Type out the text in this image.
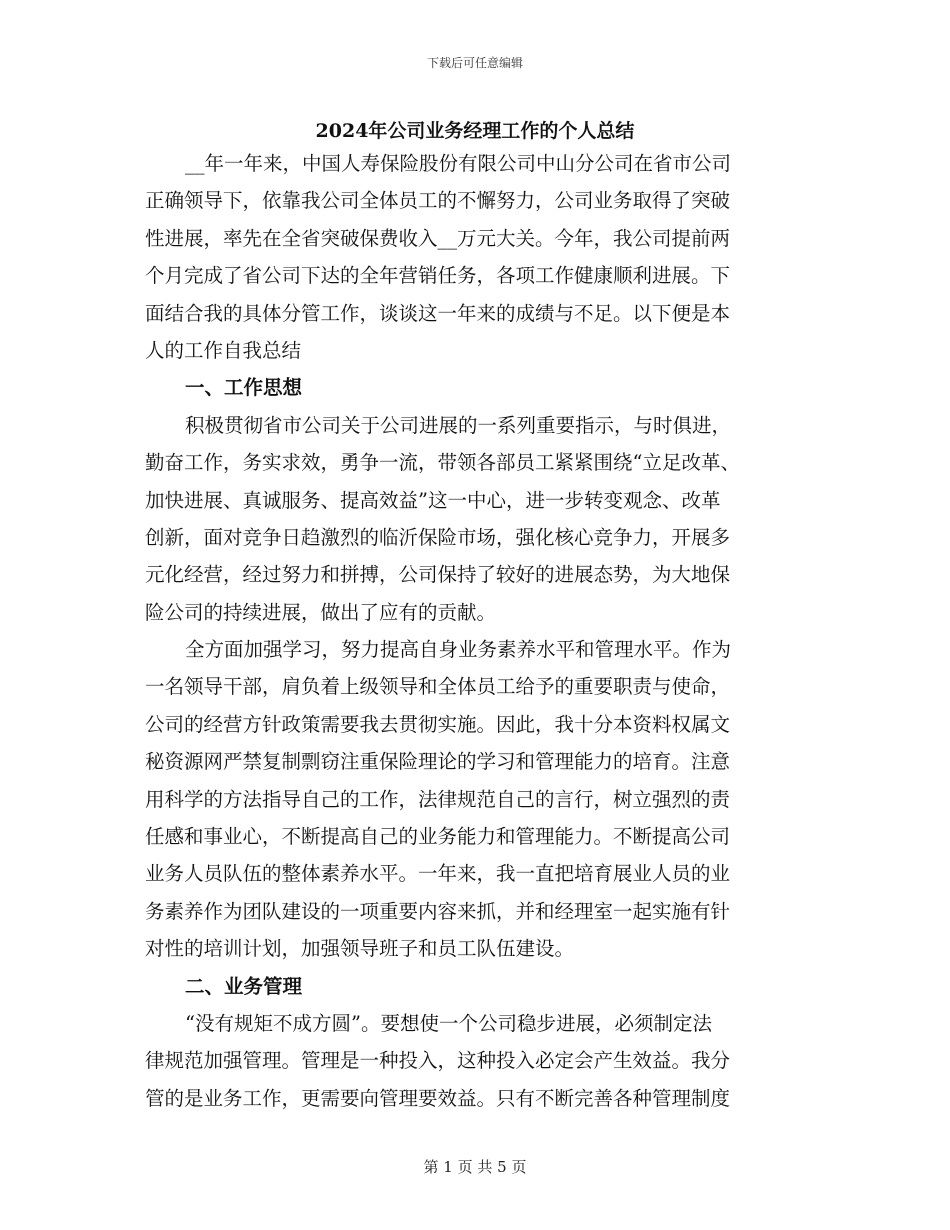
下载后可任意编辑
2024年公司业务经理工作的个人总结
__年一年来，中国人寿保险股份有限公司中山分公司在省市公司
正确领导下，依靠我公司全体员工的不懈努力，公司业务取得了突破
性进展，率先在全省突破保费收入__万元大关。今年，我公司提前两
个月完成了省公司下达的全年营销任务，各项工作健康顺利进展。下
面结合我的具体分管工作，谈谈这一年来的成绩与不足。以下便是本
人的工作自我总结
一、工作思想
积极贯彻省市公司关于公司进展的一系列重要指示，与时俱进，
勤奋工作，务实求效，勇争一流，带领各部员工紧紧围绕“立足改革、
加快进展、真诚服务、提高效益”这一中心，进一步转变观念、改革
创新，面对竞争日趋激烈的临沂保险市场，强化核心竞争力，开展多
元化经营，经过努力和拼搏，公司保持了较好的进展态势，为大地保
险公司的持续进展，做出了应有的贡献。
全方面加强学习，努力提高自身业务素养水平和管理水平。作为
一名领导干部，肩负着上级领导和全体员工给予的重要职责与使命，
公司的经营方针政策需要我去贯彻实施。因此，我十分本资料权属文
秘资源网严禁复制剽窃注重保险理论的学习和管理能力的培育。注意
用科学的方法指导自己的工作，法律规范自己的言行，树立强烈的责
任感和事业心，不断提高自己的业务能力和管理能力。不断提高公司
业务人员队伍的整体素养水平。一年来，我一直把培育展业人员的业
务素养作为团队建设的一项重要内容来抓，并和经理室一起实施有针
对性的培训计划，加强领导班子和员工队伍建设。
二、业务管理
“没有规矩不成方圆”。要想使一个公司稳步进展，必须制定法
律规范加强管理。管理是一种投入，这种投入必定会产生效益。我分
管的是业务工作，更需要向管理要效益。只有不断完善各种管理制度
第 1 页 共 5 页
